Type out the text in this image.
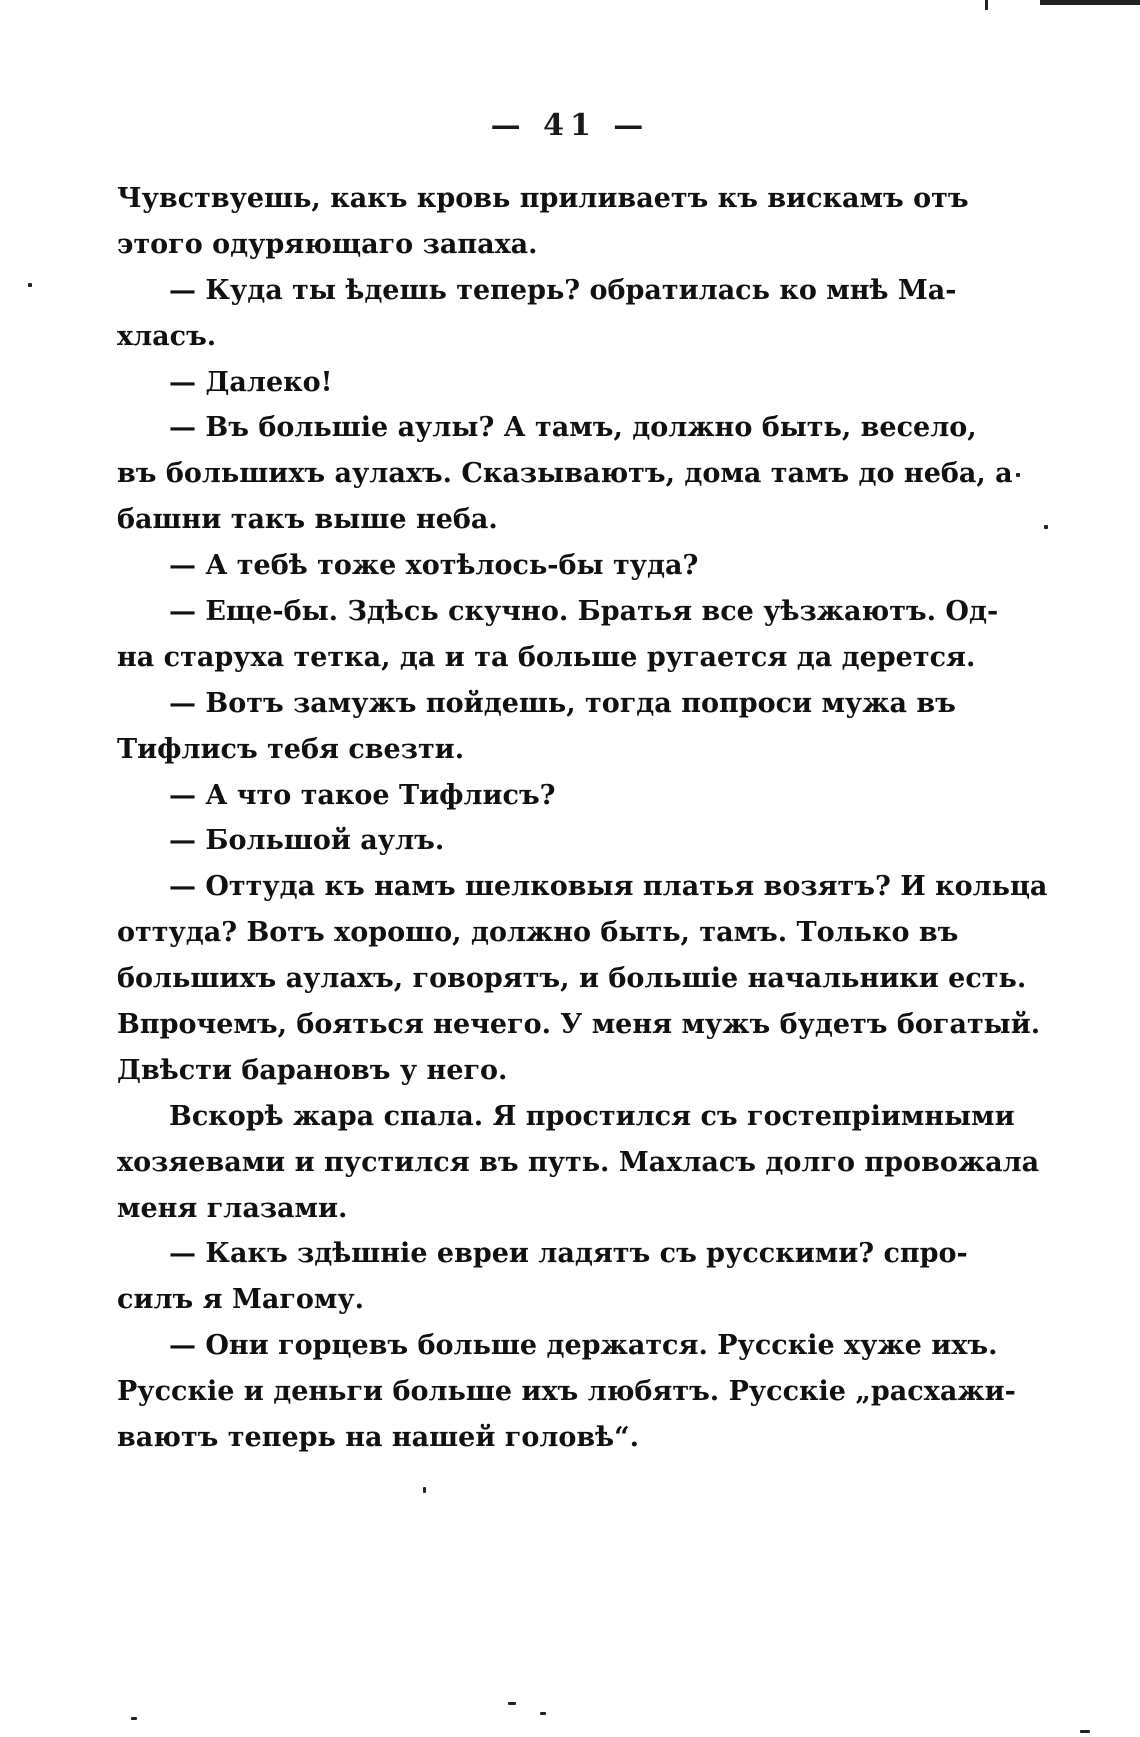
— 41 —
Чувствуешь, какъ кровь приливаетъ къ вискамъ отъ
этого одуряющаго запаха.
— Куда ты ѣдешь теперь? обратилась ко мнѣ Ма-
хласъ.
— Далеко!
— Въ большіе аулы? А тамъ, должно быть, весело,
въ большихъ аулахъ. Сказываютъ, дома тамъ до неба, а
башни такъ выше неба.
— А тебѣ тоже хотѣлось-бы туда?
— Еще-бы. Здѣсь скучно. Братья все уѣзжаютъ. Од-
на старуха тетка, да и та больше ругается да дерется.
— Вотъ замужъ пойдешь, тогда попроси мужа въ
Тифлисъ тебя свезти.
— А что такое Тифлисъ?
— Большой аулъ.
— Оттуда къ намъ шелковыя платья возятъ? И кольца
оттуда? Вотъ хорошо, должно быть, тамъ. Только въ
большихъ аулахъ, говорятъ, и большіе начальники есть.
Впрочемъ, бояться нечего. У меня мужъ будетъ богатый.
Двѣсти барановъ у него.
Вскорѣ жара спала. Я простился съ гостепріимными
хозяевами и пустился въ путь. Махласъ долго провожала
меня глазами.
— Какъ здѣшніе евреи ладятъ съ русскими? спро-
силъ я Магому.
— Они горцевъ больше держатся. Русскіе хуже ихъ.
Русскіе и деньги больше ихъ любятъ. Русскіе „расхажи-
ваютъ теперь на нашей головѣ“.
